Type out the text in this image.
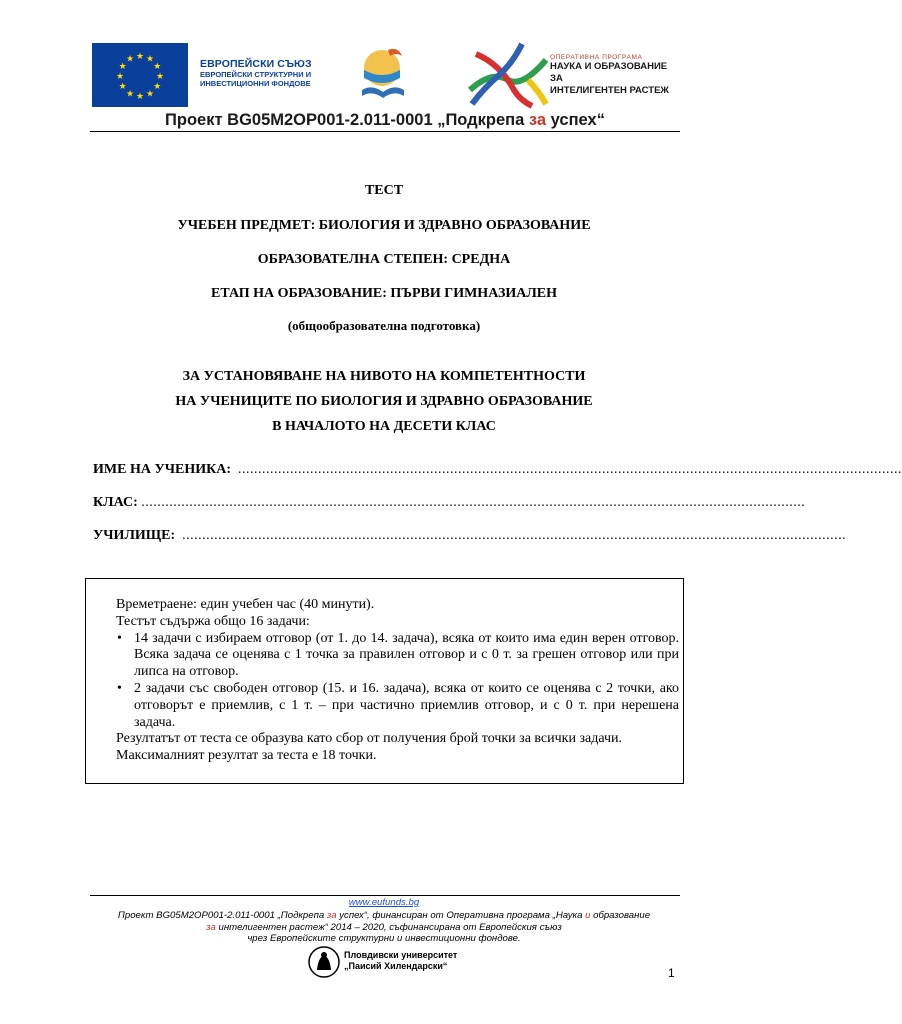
★ ★
★
★
★
★
★
★
★
★
★
★	ЕВРОПЕЙСКИ СЪЮЗ
ЕВРОПЕЙСКИ СТРУКТУРНИ И
ИНВЕСТИЦИОННИ ФОНДОВЕ
ОПЕРАТИВНА ПРОГРАМА
НАУКА И ОБРАЗОВАНИЕ ЗА
ИНТЕЛИГЕНТЕН РАСТЕЖ
Проект BG05M2OP001-2.011-0001 „Подкрепа за успех“
ТЕСТ
УЧЕБЕН ПРЕДМЕТ: БИОЛОГИЯ И ЗДРАВНО ОБРАЗОВАНИЕ
ОБРАЗОВАТЕЛНА СТЕПЕН: СРЕДНА
ЕТАП НА ОБРАЗОВАНИЕ: ПЪРВИ ГИМНАЗИАЛЕН
(общообразователна подготовка)
ЗА УСТАНОВЯВАНЕ НА НИВОТО НА КОМПЕТЕНТНОСТИ
НА УЧЕНИЦИТЕ ПО БИОЛОГИЯ И ЗДРАВНО ОБРАЗОВАНИЕ
В НАЧАЛОТО НА ДЕСЕТИ КЛАС
ИМЕ НА УЧЕНИКА: ......................................................................................................................................................................
КЛАС: ......................................................................................................................................................................
УЧИЛИЩЕ: ......................................................................................................................................................................
Времетраене: един учебен час (40 минути).
Тестът съдържа общо 16 задачи:
• 14 задачи с избираем отговор (от 1. до 14. задача), всяка от които има един верен отговор. Всяка задача се оценява с 1 точка за правилен отговор и с 0 т. за грешен отговор или при липса на отговор.
• 2 задачи със свободен отговор (15. и 16. задача), всяка от които се оценява с 2 точки, ако отговорът е приемлив, с 1 т. – при частично приемлив отговор, и с 0 т. при нерешена задача.
Резултатът от теста се образува като сбор от получения брой точки за всички задачи.
Максималният резултат за теста е 18 точки.
www.eufunds.bg
Проект BG05M2OP001-2.011-0001 „Подкрепа за успех“, финансиран от Оперативна програма „Наука и образование
за интелигентен растеж“ 2014 – 2020, съфинансирана от Европейския съюз
чрез Европейските структурни и инвестиционни фондове.
Пловдивски университет
„Паисий Хилендарски“	1
